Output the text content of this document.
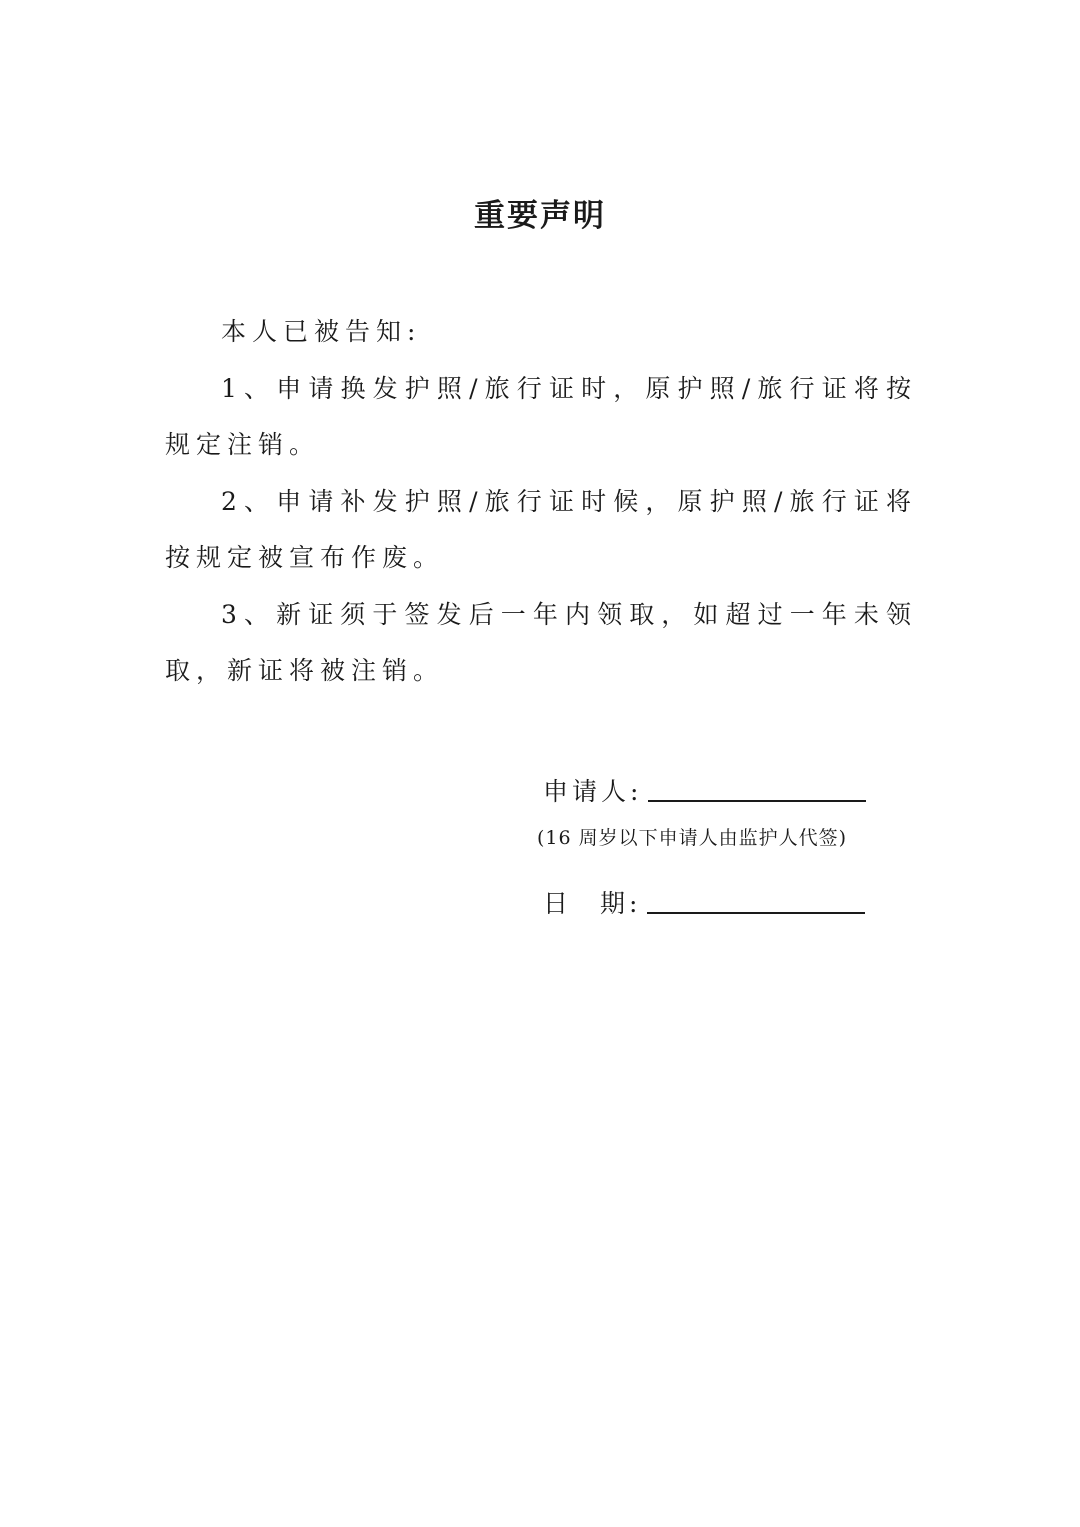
重要声明

本人已被告知:

1、申请换发护照/旅行证时，原护照/旅行证将按规定注销。

2、申请补发护照/旅行证时候，原护照/旅行证将按规定被宣布作废。

3、新证须于签发后一年内领取，如超过一年未领取，新证将被注销。

申请人:
(16 周岁以下申请人由监护人代签)
日 期:
